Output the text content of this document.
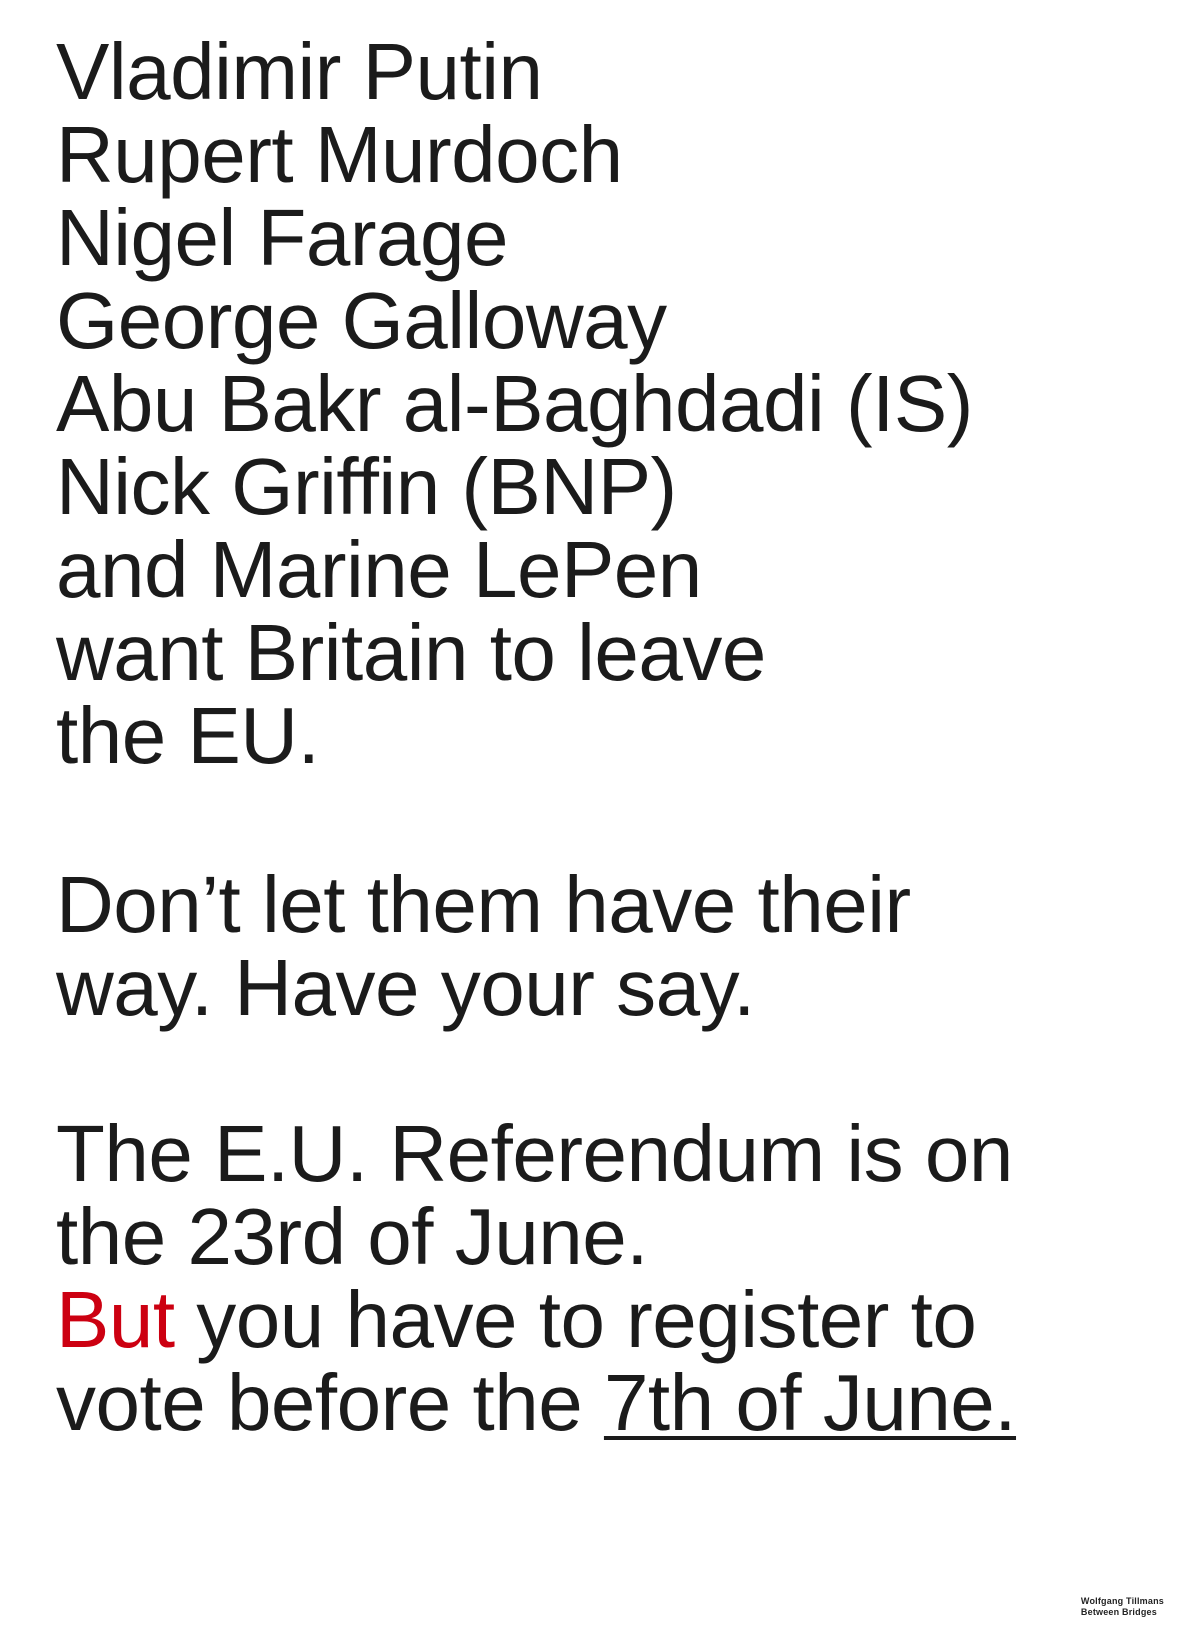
Vladimir Putin
Rupert Murdoch
Nigel Farage
George Galloway
Abu Bakr al-Baghdadi (IS)
Nick Griffin (BNP)
and Marine LePen
want Britain to leave
the EU.
Don’t let them have their
way. Have your say.
The E.U. Referendum is on
the 23rd of June.
But you have to register to
vote before the 7th of June.
Wolfgang Tillmans
Between Bridges
